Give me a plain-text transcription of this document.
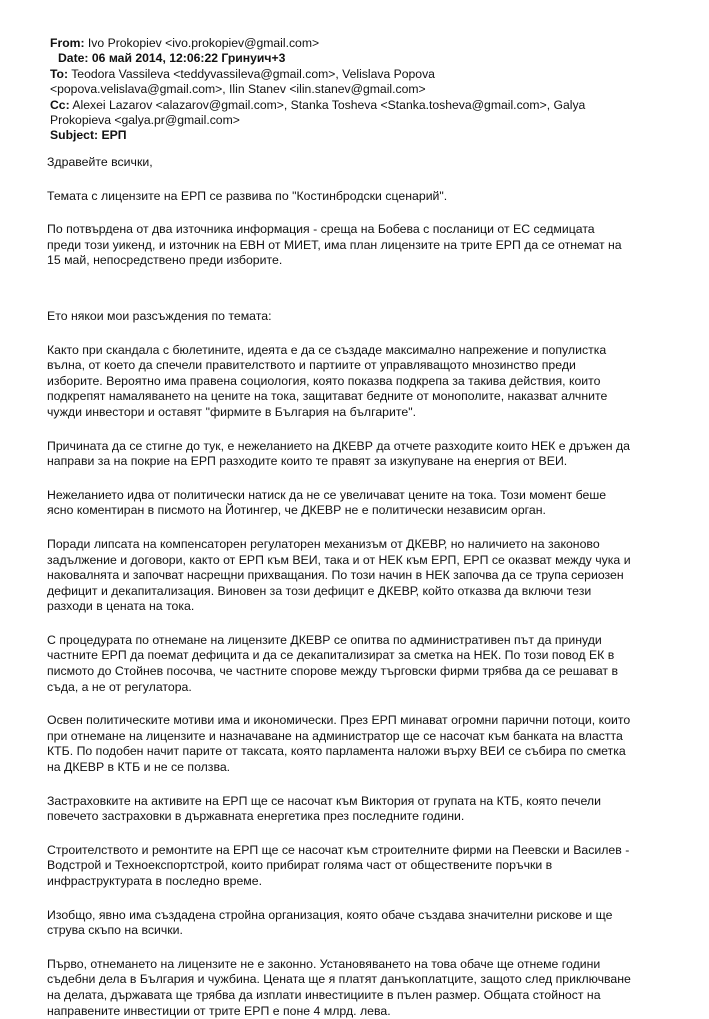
From: Ivo Prokopiev <ivo.prokopiev@gmail.com>
Date: 06 май 2014, 12:06:22 Гринуич+3
To: Teodora Vassileva <teddyvassileva@gmail.com>, Velislava Popova
<popova.velislava@gmail.com>, Ilin Stanev <ilin.stanev@gmail.com>
Cc: Alexei Lazarov <alazarov@gmail.com>, Stanka Tosheva <Stanka.tosheva@gmail.com>, Galya
Prokopieva <galya.pr@gmail.com>
Subject: ЕРП

Здравейте всички,

Темата с лицензите на ЕРП се развива по "Костинбродски сценарий".

По потвърдена от два източника информация - среща на Бобева с посланици от ЕС седмицата

преди този уикенд, и източник на ЕВН от МИЕТ, има план лицензите на трите ЕРП да се отнемат на

15 май, непосредствено преди изборите.

Ето някои мои разсъждения по темата:

Както при скандала с бюлетините, идеята е да се създаде максимално напрежение и популистка

вълна, от което да спечели правителството и партиите от управляващото мнозинство преди

изборите. Вероятно има правена социология, която показва подкрепа за такива действия, които

подкрепят намаляването на цените на тока, защитават бедните от монополите, наказват алчните

чужди инвестори и оставят "фирмите в България на българите".

Причината да се стигне до тук, е нежеланието на ДКЕВР да отчете разходите които НЕК е дръжен да

направи за на покрие на ЕРП разходите които те правят за изкупуване на енергия от ВЕИ.

Нежеланието идва от политически натиск да не се увеличават цените на тока. Този момент беше

ясно коментиран в писмото на Йотингер, че ДКЕВР не е политически независим орган.

Поради липсата на компенсаторен регулаторен механизъм от ДКЕВР, но наличието на законово

задължение и договори, както от ЕРП към ВЕИ, така и от НЕК към ЕРП, ЕРП се оказват между чука и

наковалнята и започват насрещни прихващания. По този начин в НЕК започва да се трупа сериозен

дефицит и декапитализация. Виновен за този дефицит е ДКЕВР, който отказва да включи тези

разходи в цената на тока.

С процедурата по отнемане на лицензите ДКЕВР се опитва по административен път да принуди

частните ЕРП да поемат дефицита и да се декапитализират за сметка на НЕК. По този повод ЕК в

писмото до Стойнев посочва, че частните спорове между търговски фирми трябва да се решават в

съда, а не от регулатора.

Освен политическите мотиви има и икономически. През ЕРП минават огромни парични потоци, които

при отнемане на лицензите и назначаване на администратор ще се насочат към банката на властта

КТБ. По подобен начит парите от таксата, която парламента наложи върху ВЕИ се събира по сметка

на ДКЕВР в КТБ и не се ползва.

Застраховките на активите на ЕРП ще се насочат към Виктория от групата на КТБ, която печели

повечето застраховки в държавната енергетика през последните години.

Строителството и ремонтите на ЕРП ще се насочат към строителните фирми на Пеевски и Василев -

Водстрой и Техноекспортстрой, които прибират голяма част от обществените поръчки в

инфраструктурата в последно време.

Изобщо, явно има създадена стройна организация, която обаче създава значителни рискове и ще

струва скъпо на всички.

Първо, отнемането на лицензите не е законно. Установяването на това обаче ще отнеме години

съдебни дела в България и чужбина. Цената ще я платят данъкоплатците, защото след приключване

на делата, държавата ще трябва да изплати инвестициите в пълен размер. Общата стойност на

направените инвестиции от трите ЕРП е поне 4 млрд. лева.
